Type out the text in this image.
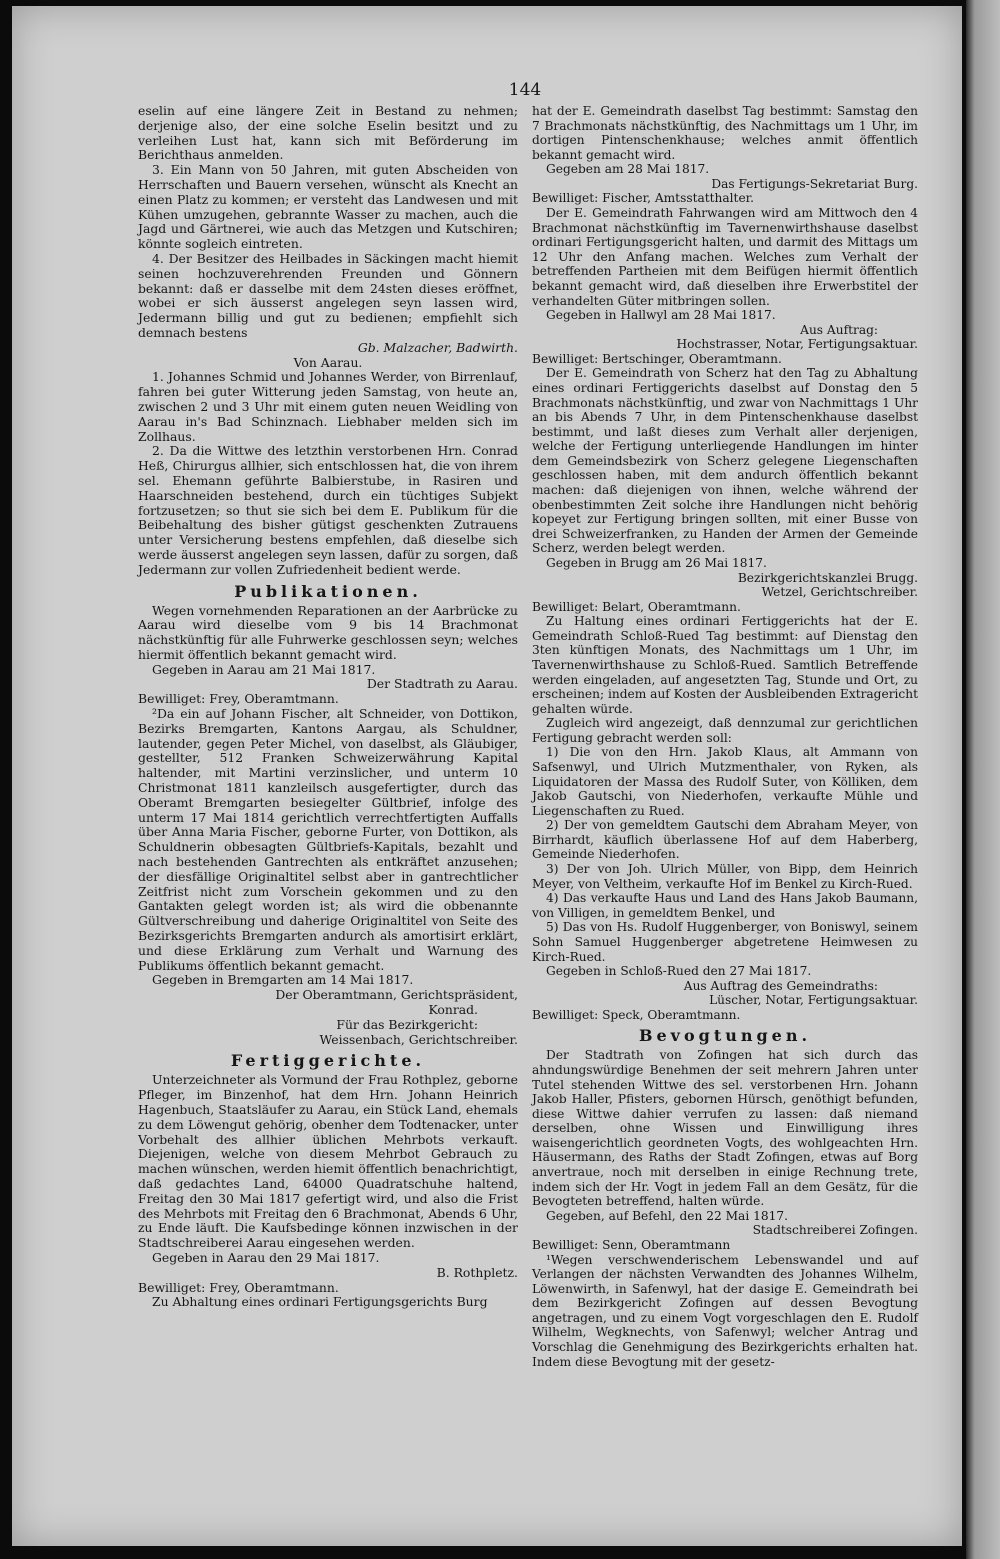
144

eselin auf eine längere Zeit in Bestand zu nehmen; derjenige also, der eine solche Eselin besitzt und zu verleihen Lust hat, kann sich mit Beförderung im Berichthaus anmelden.

3. Ein Mann von 50 Jahren, mit guten Abscheiden von Herrschaften und Bauern versehen, wünscht als Knecht an einen Platz zu kommen; er versteht das Landwesen und mit Kühen umzugehen, gebrannte Wasser zu machen, auch die Jagd und Gärtnerei, wie auch das Metzgen und Kutschiren; könnte sogleich eintreten.

4. Der Besitzer des Heilbades in Säckingen macht hiemit seinen hochzuverehrenden Freunden und Gönnern bekannt: daß er dasselbe mit dem 24sten dieses eröffnet, wobei er sich äusserst angelegen seyn lassen wird, Jedermann billig und gut zu bedienen; empfiehlt sich demnach bestens

Gb. Malzacher, Badwirth.

Von Aarau.

1. Johannes Schmid und Johannes Werder, von Birrenlauf, fahren bei guter Witterung jeden Samstag, von heute an, zwischen 2 und 3 Uhr mit einem guten neuen Weidling von Aarau in's Bad Schinznach. Liebhaber melden sich im Zollhaus.

2. Da die Wittwe des letzthin verstorbenen Hrn. Conrad Heß, Chirurgus allhier, sich entschlossen hat, die von ihrem sel. Ehemann geführte Balbierstube, in Rasiren und Haarschneiden bestehend, durch ein tüchtiges Subjekt fortzusetzen; so thut sie sich bei dem E. Publikum für die Beibehaltung des bisher gütigst geschenkten Zutrauens unter Versicherung bestens empfehlen, daß dieselbe sich werde äusserst angelegen seyn lassen, dafür zu sorgen, daß Jedermann zur vollen Zufriedenheit bedient werde.

Publikationen.

Wegen vornehmenden Reparationen an der Aarbrücke zu Aarau wird dieselbe vom 9 bis 14 Brachmonat nächstkünftig für alle Fuhrwerke geschlossen seyn; welches hiermit öffentlich bekannt gemacht wird.

Gegeben in Aarau am 21 Mai 1817.

Der Stadtrath zu Aarau.

Bewilliget: Frey, Oberamtmann.

²Da ein auf Johann Fischer, alt Schneider, von Dottikon, Bezirks Bremgarten, Kantons Aargau, als Schuldner, lautender, gegen Peter Michel, von daselbst, als Gläubiger, gestellter, 512 Franken Schweizerwährung Kapital haltender, mit Martini verzinslicher, und unterm 10 Christmonat 1811 kanzleilsch ausgefertigter, durch das Oberamt Bremgarten besiegelter Gültbrief, infolge des unterm 17 Mai 1814 gerichtlich verrechtfertigten Auffalls über Anna Maria Fischer, geborne Furter, von Dottikon, als Schuldnerin obbesagten Gültbriefs-Kapitals, bezahlt und nach bestehenden Gantrechten als entkräftet anzusehen; der diesfällige Originaltitel selbst aber in gantrechtlicher Zeitfrist nicht zum Vorschein gekommen und zu den Gantakten gelegt worden ist; als wird die obbenannte Gültverschreibung und daherige Originaltitel von Seite des Bezirksgerichts Bremgarten andurch als amortisirt erklärt, und diese Erklärung zum Verhalt und Warnung des Publikums öffentlich bekannt gemacht.

Gegeben in Bremgarten am 14 Mai 1817.

Der Oberamtmann, Gerichtspräsident,

Konrad.

Für das Bezirkgericht:

Weissenbach, Gerichtschreiber.

Fertiggerichte.

Unterzeichneter als Vormund der Frau Rothplez, geborne Pfleger, im Binzenhof, hat dem Hrn. Johann Heinrich Hagenbuch, Staatsläufer zu Aarau, ein Stück Land, ehemals zu dem Löwengut gehörig, obenher dem Todtenacker, unter Vorbehalt des allhier üblichen Mehrbots verkauft. Diejenigen, welche von diesem Mehrbot Gebrauch zu machen wünschen, werden hiemit öffentlich benachrichtigt, daß gedachtes Land, 64000 Quadratschuhe haltend, Freitag den 30 Mai 1817 gefertigt wird, und also die Frist des Mehrbots mit Freitag den 6 Brachmonat, Abends 6 Uhr, zu Ende läuft. Die Kaufsbedinge können inzwischen in der Stadtschreiberei Aarau eingesehen werden.

Gegeben in Aarau den 29 Mai 1817.

B. Rothpletz.

Bewilliget: Frey, Oberamtmann.

Zu Abhaltung eines ordinari Fertigungsgerichts Burg

hat der E. Gemeindrath daselbst Tag bestimmt: Samstag den 7 Brachmonats nächstkünftig, des Nachmittags um 1 Uhr, im dortigen Pintenschenkhause; welches anmit öffentlich bekannt gemacht wird.

Gegeben am 28 Mai 1817.

Das Fertigungs-Sekretariat Burg.

Bewilliget: Fischer, Amtsstatthalter.

Der E. Gemeindrath Fahrwangen wird am Mittwoch den 4 Brachmonat nächstkünftig im Tavernenwirthshause daselbst ordinari Fertigungsgericht halten, und darmit des Mittags um 12 Uhr den Anfang machen. Welches zum Verhalt der betreffenden Partheien mit dem Beifügen hiermit öffentlich bekannt gemacht wird, daß dieselben ihre Erwerbstitel der verhandelten Güter mitbringen sollen.

Gegeben in Hallwyl am 28 Mai 1817.

Aus Auftrag:

Hochstrasser, Notar, Fertigungsaktuar.

Bewilliget: Bertschinger, Oberamtmann.

Der E. Gemeindrath von Scherz hat den Tag zu Abhaltung eines ordinari Fertiggerichts daselbst auf Donstag den 5 Brachmonats nächstkünftig, und zwar von Nachmittags 1 Uhr an bis Abends 7 Uhr, in dem Pintenschenkhause daselbst bestimmt, und laßt dieses zum Verhalt aller derjenigen, welche der Fertigung unterliegende Handlungen im hinter dem Gemeindsbezirk von Scherz gelegene Liegenschaften geschlossen haben, mit dem andurch öffentlich bekannt machen: daß diejenigen von ihnen, welche während der obenbestimmten Zeit solche ihre Handlungen nicht behörig kopeyet zur Fertigung bringen sollten, mit einer Busse von drei Schweizerfranken, zu Handen der Armen der Gemeinde Scherz, werden belegt werden.

Gegeben in Brugg am 26 Mai 1817.

Bezirkgerichtskanzlei Brugg.

Wetzel, Gerichtschreiber.

Bewilliget: Belart, Oberamtmann.

Zu Haltung eines ordinari Fertiggerichts hat der E. Gemeindrath Schloß-Rued Tag bestimmt: auf Dienstag den 3ten künftigen Monats, des Nachmittags um 1 Uhr, im Tavernenwirthshause zu Schloß-Rued. Samtlich Betreffende werden eingeladen, auf angesetzten Tag, Stunde und Ort, zu erscheinen; indem auf Kosten der Ausbleibenden Extragericht gehalten würde.

Zugleich wird angezeigt, daß dennzumal zur gerichtlichen Fertigung gebracht werden soll:

1) Die von den Hrn. Jakob Klaus, alt Ammann von Safsenwyl, und Ulrich Mutzmenthaler, von Ryken, als Liquidatoren der Massa des Rudolf Suter, von Kölliken, dem Jakob Gautschi, von Niederhofen, verkaufte Mühle und Liegenschaften zu Rued.

2) Der von gemeldtem Gautschi dem Abraham Meyer, von Birrhardt, käuflich überlassene Hof auf dem Haberberg, Gemeinde Niederhofen.

3) Der von Joh. Ulrich Müller, von Bipp, dem Heinrich Meyer, von Veltheim, verkaufte Hof im Benkel zu Kirch-Rued.

4) Das verkaufte Haus und Land des Hans Jakob Baumann, von Villigen, in gemeldtem Benkel, und

5) Das von Hs. Rudolf Huggenberger, von Boniswyl, seinem Sohn Samuel Huggenberger abgetretene Heimwesen zu Kirch-Rued.

Gegeben in Schloß-Rued den 27 Mai 1817.

Aus Auftrag des Gemeindraths:

Lüscher, Notar, Fertigungsaktuar.

Bewilliget: Speck, Oberamtmann.

Bevogtungen.

Der Stadtrath von Zofingen hat sich durch das ahndungswürdige Benehmen der seit mehrern Jahren unter Tutel stehenden Wittwe des sel. verstorbenen Hrn. Johann Jakob Haller, Pfisters, gebornen Hürsch, genöthigt befunden, diese Wittwe dahier verrufen zu lassen: daß niemand derselben, ohne Wissen und Einwilligung ihres waisengerichtlich geordneten Vogts, des wohlgeachten Hrn. Häusermann, des Raths der Stadt Zofingen, etwas auf Borg anvertraue, noch mit derselben in einige Rechnung trete, indem sich der Hr. Vogt in jedem Fall an dem Gesätz, für die Bevogteten betreffend, halten würde.

Gegeben, auf Befehl, den 22 Mai 1817.

Stadtschreiberei Zofingen.

Bewilliget: Senn, Oberamtmann

¹Wegen verschwenderischem Lebenswandel und auf Verlangen der nächsten Verwandten des Johannes Wilhelm, Löwenwirth, in Safenwyl, hat der dasige E. Gemeindrath bei dem Bezirkgericht Zofingen auf dessen Bevogtung angetragen, und zu einem Vogt vorgeschlagen den E. Rudolf Wilhelm, Wegknechts, von Safenwyl; welcher Antrag und Vorschlag die Genehmigung des Bezirkgerichts erhalten hat. Indem diese Bevogtung mit der gesetz-
